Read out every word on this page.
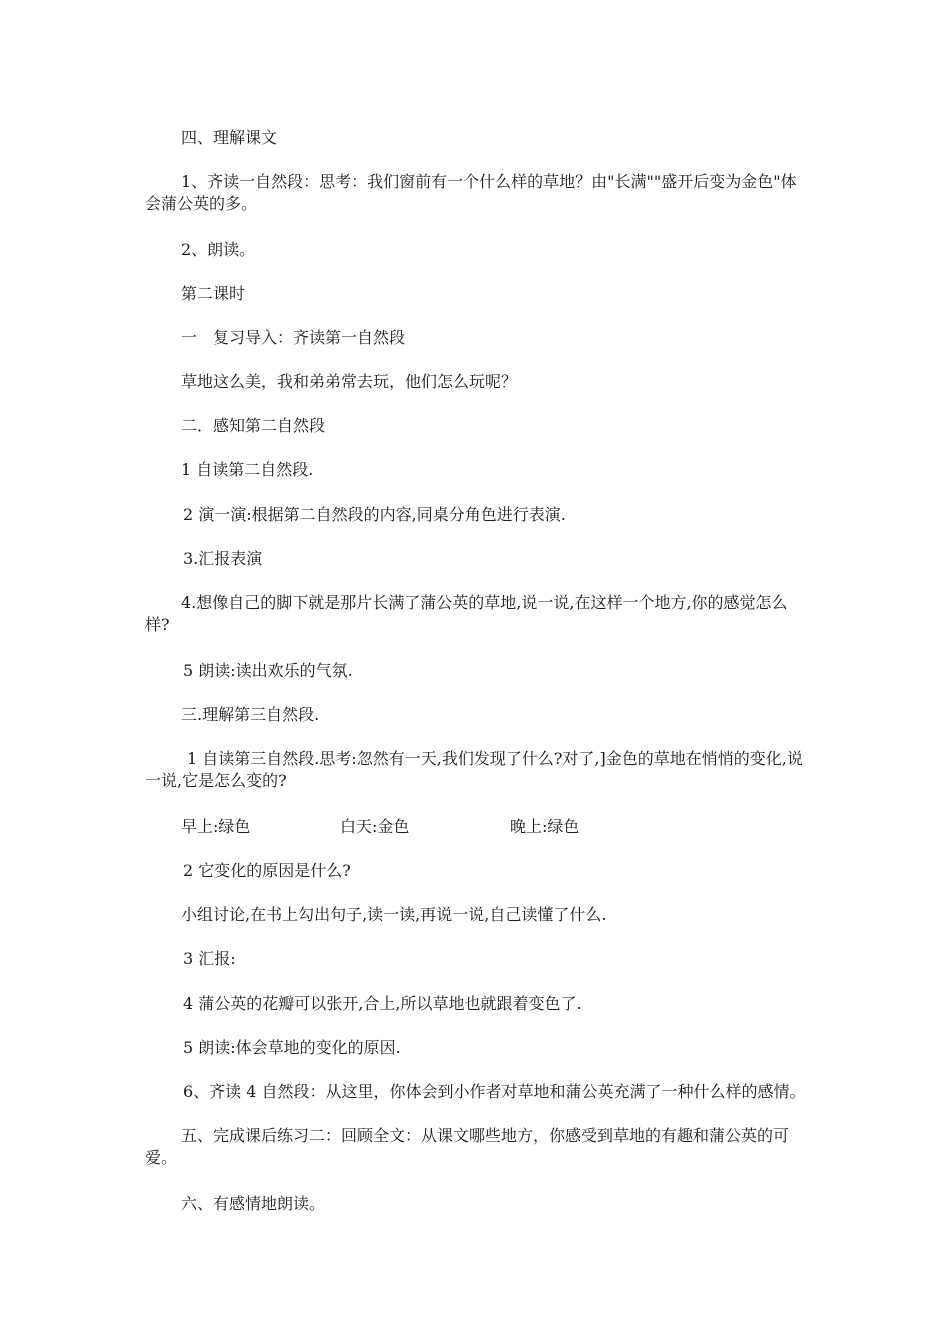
四、理解课文
1、齐读一自然段：思考：我们窗前有一个什么样的草地？由"长满""盛开后变为金色"体会蒲公英的多。
2、朗读。
第二课时
一　复习导入：齐读第一自然段
草地这么美，我和弟弟常去玩，他们怎么玩呢？
二．感知第二自然段
1 自读第二自然段.
2 演一演:根据第二自然段的内容,同桌分角色进行表演.
3.汇报表演
4.想像自己的脚下就是那片长满了蒲公英的草地,说一说,在这样一个地方,你的感觉怎么样?
5 朗读:读出欢乐的气氛.
三.理解第三自然段.
1 自读第三自然段.思考:忽然有一天,我们发现了什么?对了,]金色的草地在悄悄的变化,说一说,它是怎么变的?
早上:绿色	白天:金色	晚上:绿色
2 它变化的原因是什么?
小组讨论,在书上勾出句子,读一读,再说一说,自己读懂了什么.
3 汇报:
4 蒲公英的花瓣可以张开,合上,所以草地也就跟着变色了.
5 朗读:体会草地的变化的原因.
6、齐读 4 自然段：从这里，你体会到小作者对草地和蒲公英充满了一种什么样的感情。
五、完成课后练习二：回顾全文：从课文哪些地方，你感受到草地的有趣和蒲公英的可爱。
六、有感情地朗读。
